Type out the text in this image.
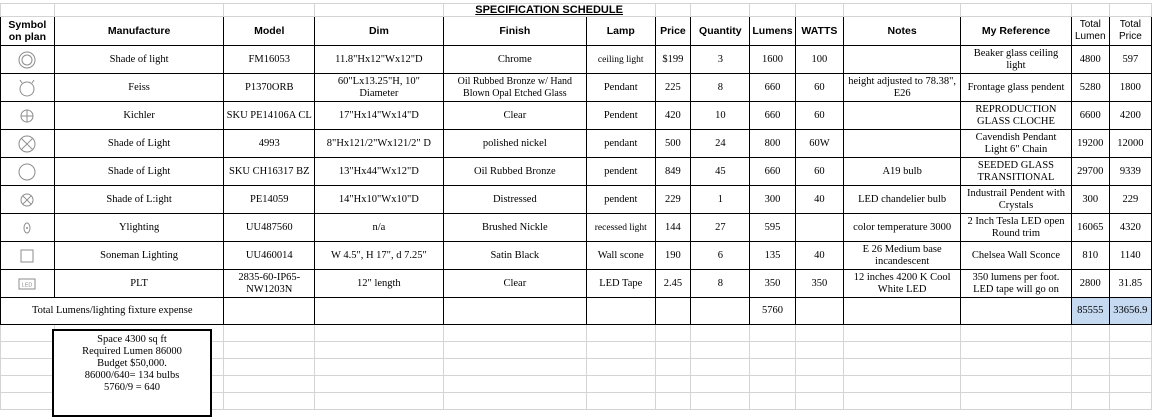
				SPECIFICATION SCHEDULE									
Symbol on plan	Manufacture	Model	Dim	Finish	Lamp	Price	Quantity	Lumens	WATTS	Notes	My Reference	Total Lumen	Total Price

	Shade of light	FM16053	11.8"Hx12"Wx12"D	Chrome	ceiling light	$199	3	1600	100		Beaker glass ceiling light	4800	597

	Feiss	P1370ORB	60"Lx13.25"H, 10" Diameter	Oil Rubbed Bronze w/ Hand Blown Opal Etched Glass	Pendant	225	8	660	60	height adjusted to 78.38", E26	Frontage glass pendent	5280	1800

	Kichler	SKU PE14106A CL	17"Hx14"Wx14"D	Clear	Pendent	420	10	660	60		REPRODUCTION GLASS CLOCHE	6600	4200

	Shade of Light	4993	8"Hx121/2"Wx121/2" D	polished nickel	pendant	500	24	800	60W		Cavendish Pendant Light 6" Chain	19200	12000

	Shade of Light	SKU CH16317 BZ	13"Hx44"Wx12"D	Oil Rubbed Bronze	pendent	849	45	660	60	A19 bulb	SEEDED GLASS TRANSITIONAL	29700	9339

	Shade of L:ight	PE14059	14"Hx10"Wx10"D	Distressed	pendent	229	1	300	40	LED chandelier bulb	Industrail Pendent with Crystals	300	229

	Ylighting	UU487560	n/a	Brushed Nickle	recessed light	144	27	595		color temperature 3000	2 Inch Tesla LED open Round trim	16065	4320

	Soneman Lighting	UU460014	W 4.5", H 17", d 7.25"	Satin Black	Wall scone	190	6	135	40	E 26 Medium base incandescent	Chelsea Wall Sconce	810	1140

LED	PLT	2835-60-IP65-NW1203N	12" length	Clear	LED Tape	2.45	8	350	350	12 inches 4200 K Cool White LED	350 lumens per foot. LED tape will go on	2800	31.85
Total Lumens/lighting fixture expense								5760				85555	33656.9

Space 4300 sq ft
Required Lumen 86000
Budget $50,000.
86000/640= 134 bulbs
5760/9 = 640
